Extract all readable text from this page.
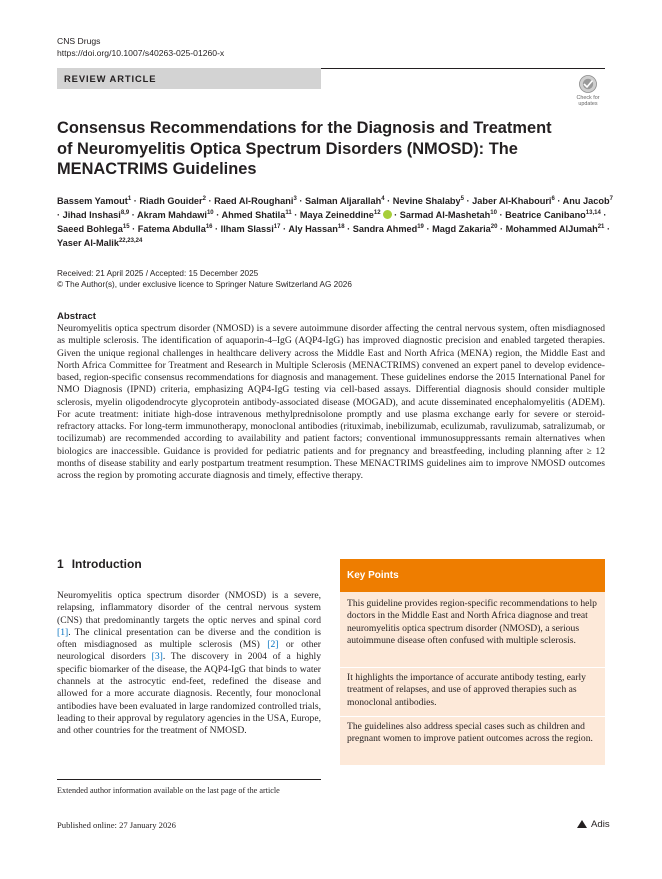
CNS Drugs
https://doi.org/10.1007/s40263-025-01260-x
REVIEW ARTICLE
Check for updates
Consensus Recommendations for the Diagnosis and Treatment of Neuromyelitis Optica Spectrum Disorders (NMOSD): The MENACTRIMS Guidelines
Bassem Yamout$^1$ · Riadh Gouider$^2$ · Raed Al-Roughani$^3$ · Salman Aljarallah$^4$ · Nevine Shalaby$^5$ · Jaber Al-Khabouri$^6$ · Anu Jacob$^7$ · Jihad Inshasi$^{8,9}$ · Akram Mahdawi$^{10}$ · Ahmed Shatila$^{11}$ · Maya Zeineddine$^{12}$ · Sarmad Al-Mashetah$^{10}$ · Beatrice Canibano$^{13,14}$ · Saeed Bohlega$^{15}$ · Fatema Abdulla$^{16}$ · Ilham Slassi$^{17}$ · Aly Hassan$^{18}$ · Sandra Ahmed$^{19}$ · Magd Zakaria$^{20}$ · Mohammed AlJumah$^{21}$ · Yaser Al-Malik$^{22,23,24}$
Received: 21 April 2025 / Accepted: 15 December 2025
© The Author(s), under exclusive licence to Springer Nature Switzerland AG 2026
Abstract

Neuromyelitis optica spectrum disorder (NMOSD) is a severe autoimmune disorder affecting the central nervous system, often misdiagnosed as multiple sclerosis. The identification of aquaporin-4–IgG (AQP4-IgG) has improved diagnostic precision and enabled targeted therapies. Given the unique regional challenges in healthcare delivery across the Middle East and North Africa (MENA) region, the Middle East and North Africa Committee for Treatment and Research in Multiple Sclerosis (MENACTRIMS) convened an expert panel to develop evidence-based, region-specific consensus recommendations for diagnosis and management. These guidelines endorse the 2015 International Panel for NMO Diagnosis (IPND) criteria, emphasizing AQP4-IgG testing via cell-based assays. Differential diagnosis should consider multiple sclerosis, myelin oligodendrocyte glycoprotein antibody-associated disease (MOGAD), and acute disseminated encephalomyelitis (ADEM). For acute treatment: initiate high-dose intravenous methylprednisolone promptly and use plasma exchange early for severe or steroid-refractory attacks. For long-term immunotherapy, monoclonal antibodies (rituximab, inebilizumab, eculizumab, ravulizumab, satralizumab, or tocilizumab) are recommended according to availability and patient factors; conventional immunosuppressants remain alternatives when biologics are inaccessible. Guidance is provided for pediatric patients and for pregnancy and breastfeeding, including planning after ≥ 12 months of disease stability and early postpartum treatment resumption. These MENACTRIMS guidelines aim to improve NMOSD outcomes across the region by promoting accurate diagnosis and timely, effective therapy.

1 Introduction

Neuromyelitis optica spectrum disorder (NMOSD) is a severe, relapsing, inflammatory disorder of the central nervous system (CNS) that predominantly targets the optic nerves and spinal cord [1]. The clinical presentation can be diverse and the condition is often misdiagnosed as multiple sclerosis (MS) [2] or other neurological disorders [3]. The discovery in 2004 of a highly specific biomarker of the disease, the AQP4-IgG that binds to water channels at the astrocytic end-feet, redefined the disease and allowed for a more accurate diagnosis. Recently, four monoclonal antibodies have been evaluated in large randomized controlled trials, leading to their approval by regulatory agencies in the USA, Europe, and other countries for the treatment of NMOSD.

Extended author information available on the last page of the article
Key Points

This guideline provides region-specific recommendations to help doctors in the Middle East and North Africa diagnose and treat neuromyelitis optica spectrum disorder (NMOSD), a serious autoimmune disease often confused with multiple sclerosis.

It highlights the importance of accurate antibody testing, early treatment of relapses, and use of approved therapies such as monoclonal antibodies.

The guidelines also address special cases such as children and pregnant women to improve patient outcomes across the region.

Published online: 27 January 2026	Adis
